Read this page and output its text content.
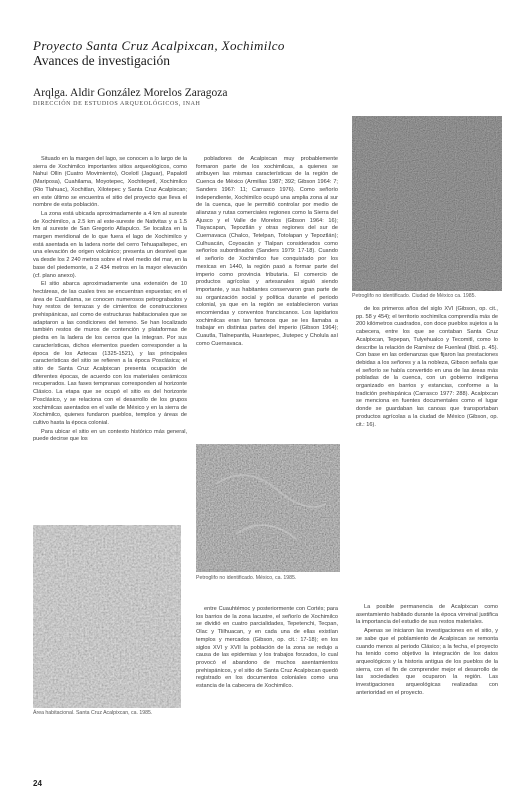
Proyecto Santa Cruz Acalpixcan, Xochimilco
Avances de investigación
Arqlga. Aldir González Morelos Zaragoza
DIRECCIÓN DE ESTUDIOS ARQUEOLÓGICOS, INAH

Situado en la margen del lago, se conocen a lo largo de la sierra de Xochimilco importantes sitios arqueológicos, como Nahui Ollin (Cuatro Movimiento), Ocelotl (Jaguar), Papalotl (Mariposa), Cuahilama, Moyotepec, Xochitepetl, Xochimilco (Rio Tlahuac), Xochitlan, Xilotepec y Santa Cruz Acalpixcan; en este último se encuentra el sitio del proyecto que lleva el nombre de esta población.

La zona está ubicada aproximadamente a 4 km al sureste de Xochimilco, a 2.5 km al este-sureste de Nativitas y a 1.5 km al sureste de San Gregorio Atlapulco. Se localiza en la margen meridional de lo que fuera el lago de Xochimilco y está asentada en la ladera norte del cerro Tehuapaltepec, en una elevación de origen volcánico; presenta un desnivel que va desde los 2 240 metros sobre el nivel medio del mar, en la base del piedemonte, a 2 434 metros en la mayor elevación (cf. plano anexo).

El sitio abarca aproximadamente una extensión de 10 hectáreas, de las cuales tres se encuentran expuestas; en el área de Cuahilama, se conocen numerosos petrograbados y hay restos de terrazas y de cimientos de construcciones prehispánicas, así como de estructuras habitacionales que se adaptaron a las condiciones del terreno. Se han localizado también restos de muros de contención y plataformas de piedra en la ladera de los cerros que la integran. Por sus características, dichos elementos pueden corresponder a la época de los Aztecas (1325-1521), y las principales características del sitio se refieren a la época Posclásica; el sitio de Santa Cruz Acalpixcan presenta ocupación de diferentes épocas, de acuerdo con los materiales cerámicos recuperados. Las fases tempranas corresponden al horizonte Clásico. La etapa que se ocupó el sitio es del horizonte Posclásico, y se relaciona con el desarrollo de los grupos xochimilcas asentados en el valle de México y en la sierra de Xochimilco, quienes fundaron pueblos, templos y áreas de cultivo hasta la época colonial.

Para ubicar el sitio en un contexto histórico más general, puede decirse que los

pobladores de Acalpixcan muy probablemente formaron parte de los xochimilcas, a quienes se atribuyen las mismas características de la región de Cuenca de México (Armillas 1987; 392; Gibson 1964: 7; Sanders 1967: 11; Carrasco 1976). Como señorío independiente, Xochimilco ocupó una amplia zona al sur de la cuenca, que le permitió controlar por medio de alianzas y rutas comerciales regiones como la Sierra del Ajusco y el Valle de Morelos (Gibson 1964: 16); Tlayacapan, Tepoztlán y otras regiones del sur de Cuernavaca (Chalco, Tetelpan, Totolapan y Tepoztlán); Culhuacán, Coyoacán y Tlalpan considerados como señoríos subordinados (Sanders 1979: 17-18). Cuando el señorío de Xochimilco fue conquistado por los mexicas en 1440, la región pasó a formar parte del imperio como provincia tributaria. El comercio de productos agrícolas y artesanales siguió siendo importante, y sus habitantes conservaron gran parte de su organización social y política durante el periodo colonial, ya que en la región se establecieron varias encomiendas y conventos franciscanos. Los lapidarios xochimilcas eran tan famosos que se les llamaba a trabajar en distintas partes del imperio (Gibson 1964); Cuautla, Tlalnepantla, Huaxtepec, Jiutepec y Cholula así como Cuernavaca.

Petroglifo no identificado. Ciudad de México ca. 1985.

de los primeros años del siglo XVI (Gibson, op. cit., pp. 58 y 454); el territorio xochimilca comprendía más de 200 kilómetros cuadrados, con doce pueblos sujetos a la cabecera, entre los que se contaban Santa Cruz Acalpixcan, Tepepan, Tulyehualco y Tecomitl, como lo describe la relación de Ramírez de Fuenleal (Ibid. p. 45). Con base en las ordenanzas que fijaron las prestaciones debidas a los señores y a la nobleza, Gibson señala que el señorío se había convertido en una de las áreas más pobladas de la cuenca, con un gobierno indígena organizado en barrios y estancias, conforme a la tradición prehispánica (Carrasco 1977: 288). Acalpixcan se menciona en fuentes documentales como el lugar donde se guardaban las canoas que transportaban productos agrícolas a la ciudad de México (Gibson, op. cit.: 16).

Petroglifo no identificado. México, ca. 1985.

La posible permanencia de Acalpixcan como asentamiento habitado durante la época virreinal justifica la importancia del estudio de sus restos materiales.

Apenas se iniciaron las investigaciones en el sitio, y se sabe que el poblamiento de Acalpixcan se remonta cuando menos al periodo Clásico; a la fecha, el proyecto ha tenido como objetivo la integración de los datos arqueológicos y la historia antigua de los pueblos de la sierra, con el fin de comprender mejor el desarrollo de las sociedades que ocuparon la región. Las investigaciones arqueológicas realizadas con anterioridad en el proyecto.

entre Cuauhtémoc y posteriormente con Cortés; para los barrios de la zona lacustre, el señorío de Xochimilco se dividió en cuatro parcialidades, Tepetenchi, Tecpan, Olac y Tlilhuacan, y en cada una de ellas existían templos y mercados (Gibson, op. cit.: 17-18); en los siglos XVI y XVII la población de la zona se redujo a causa de las epidemias y los trabajos forzados, lo cual provocó el abandono de muchos asentamientos prehispánicos, y el sitio de Santa Cruz Acalpixcan quedó registrado en los documentos coloniales como una estancia de la cabecera de Xochimilco.

Área habitacional. Santa Cruz Acalpixcan, ca. 1985.
24
